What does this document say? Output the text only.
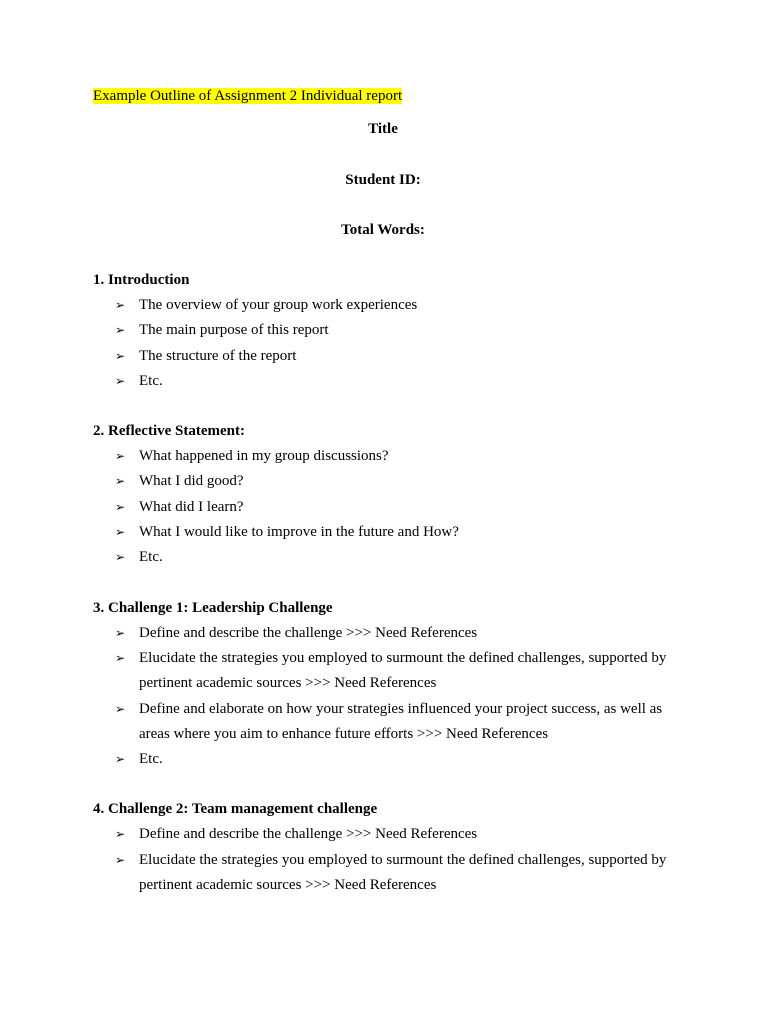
Example Outline of Assignment 2 Individual report
Title
Student ID:
Total Words:
1. Introduction
➢ The overview of your group work experiences
➢ The main purpose of this report
➢ The structure of the report
➢ Etc.
2. Reflective Statement:
➢ What happened in my group discussions?
➢ What I did good?
➢ What did I learn?
➢ What I would like to improve in the future and How?
➢ Etc.
3. Challenge 1: Leadership Challenge
➢ Define and describe the challenge >>> Need References
➢ Elucidate the strategies you employed to surmount the defined challenges, supported by pertinent academic sources >>> Need References
➢ Define and elaborate on how your strategies influenced your project success, as well as areas where you aim to enhance future efforts >>> Need References
➢ Etc.
4. Challenge 2: Team management challenge
➢ Define and describe the challenge >>> Need References
➢ Elucidate the strategies you employed to surmount the defined challenges, supported by pertinent academic sources >>> Need References
